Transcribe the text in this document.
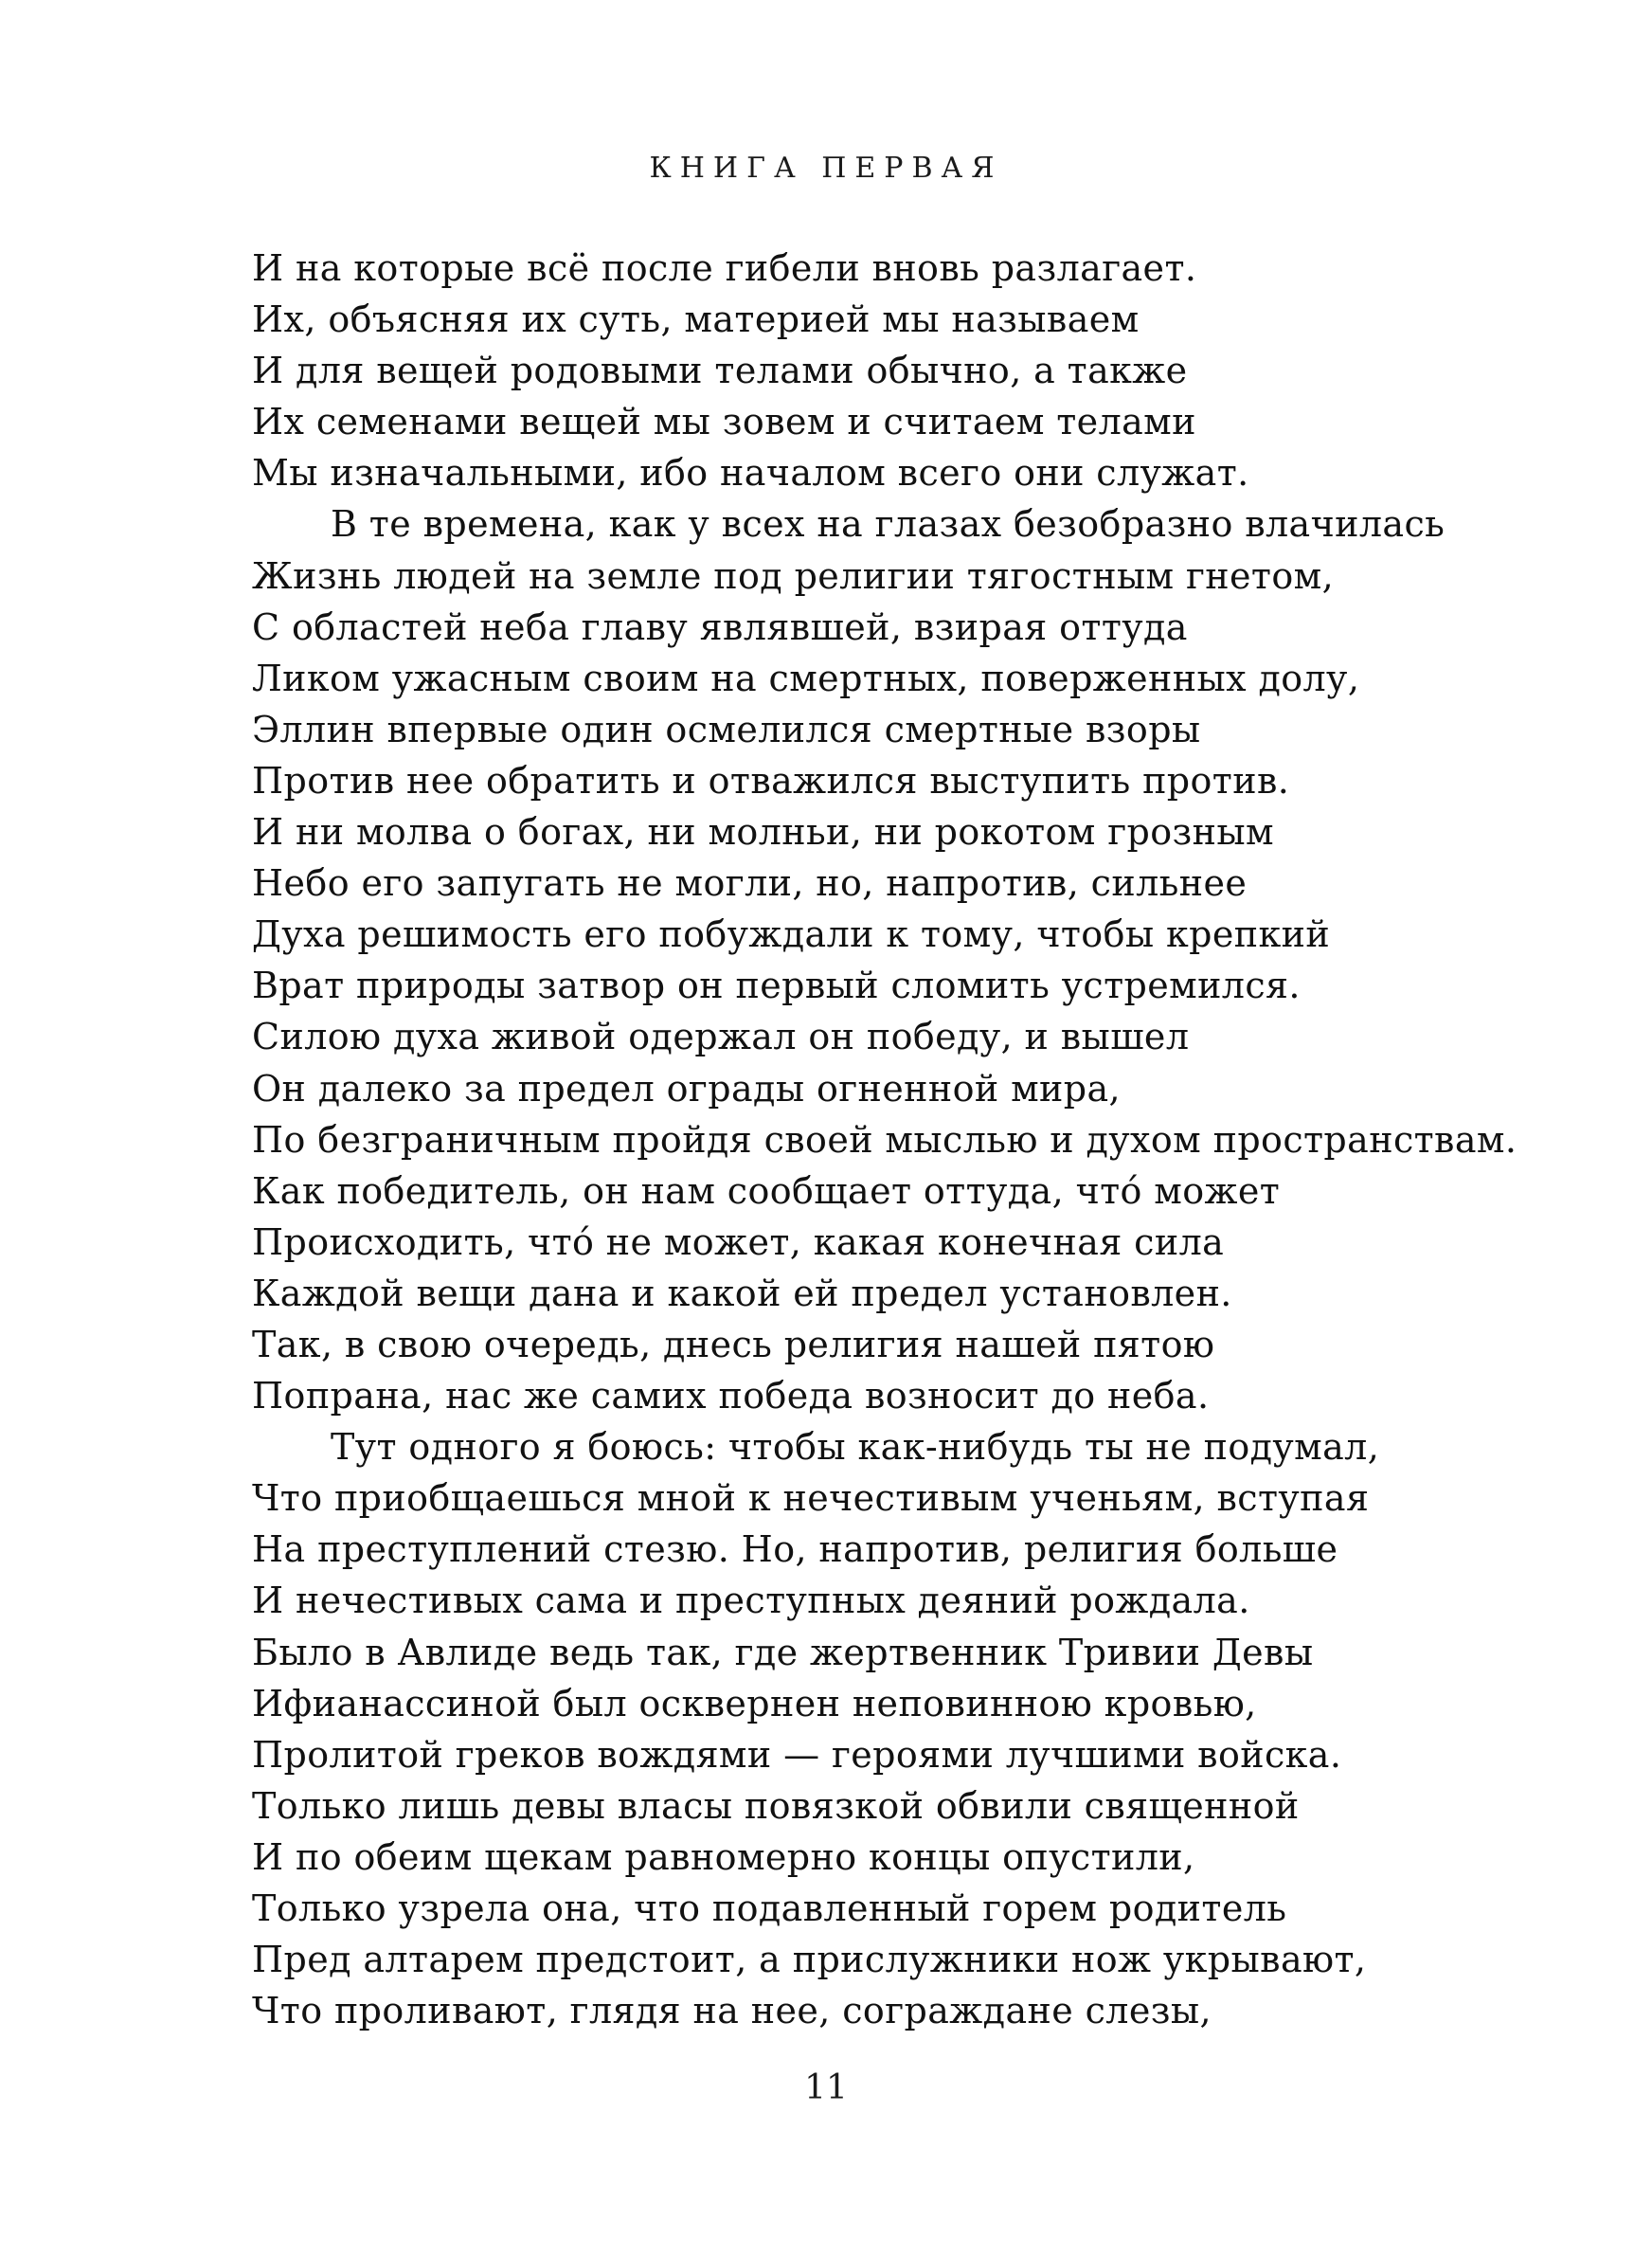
КНИГА ПЕРВАЯ
И на которые всё после гибели вновь разлагает.
Их, объясняя их суть, материей мы называем
И для вещей родовыми телами обычно, а также
Их семенами вещей мы зовем и считаем телами
Мы изначальными, ибо началом всего они служат.
В те времена, как у всех на глазах безобразно влачилась
Жизнь людей на земле под религии тягостным гнетом,
С областей неба главу являвшей, взирая оттуда
Ликом ужасным своим на смертных, поверженных долу,
Эллин впервые один осмелился смертные взоры
Против нее обратить и отважился выступить против.
И ни молва о богах, ни молньи, ни рокотом грозным
Небо его запугать не могли, но, напротив, сильнее
Духа решимость его побуждали к тому, чтобы крепкий
Врат природы затвор он первый сломить устремился.
Силою духа живой одержал он победу, и вышел
Он далеко за предел ограды огненной мира,
По безграничным пройдя своей мыслью и духом пространствам.
Как победитель, он нам сообщает оттуда, что́ может
Происходить, что́ не может, какая конечная сила
Каждой вещи дана и какой ей предел установлен.
Так, в свою очередь, днесь религия нашей пятою
Попрана, нас же самих победа возносит до неба.
Тут одного я боюсь: чтобы как-нибудь ты не подумал,
Что приобщаешься мной к нечестивым ученьям, вступая
На преступлений стезю. Но, напротив, религия больше
И нечестивых сама и преступных деяний рождала.
Было в Авлиде ведь так, где жертвенник Тривии Девы
Ифианассиной был осквернен неповинною кровью,
Пролитой греков вождями — героями лучшими войска.
Только лишь девы власы повязкой обвили священной
И по обеим щекам равномерно концы опустили,
Только узрела она, что подавленный горем родитель
Пред алтарем предстоит, а прислужники нож укрывают,
Что проливают, глядя на нее, сограждане слезы,
11
